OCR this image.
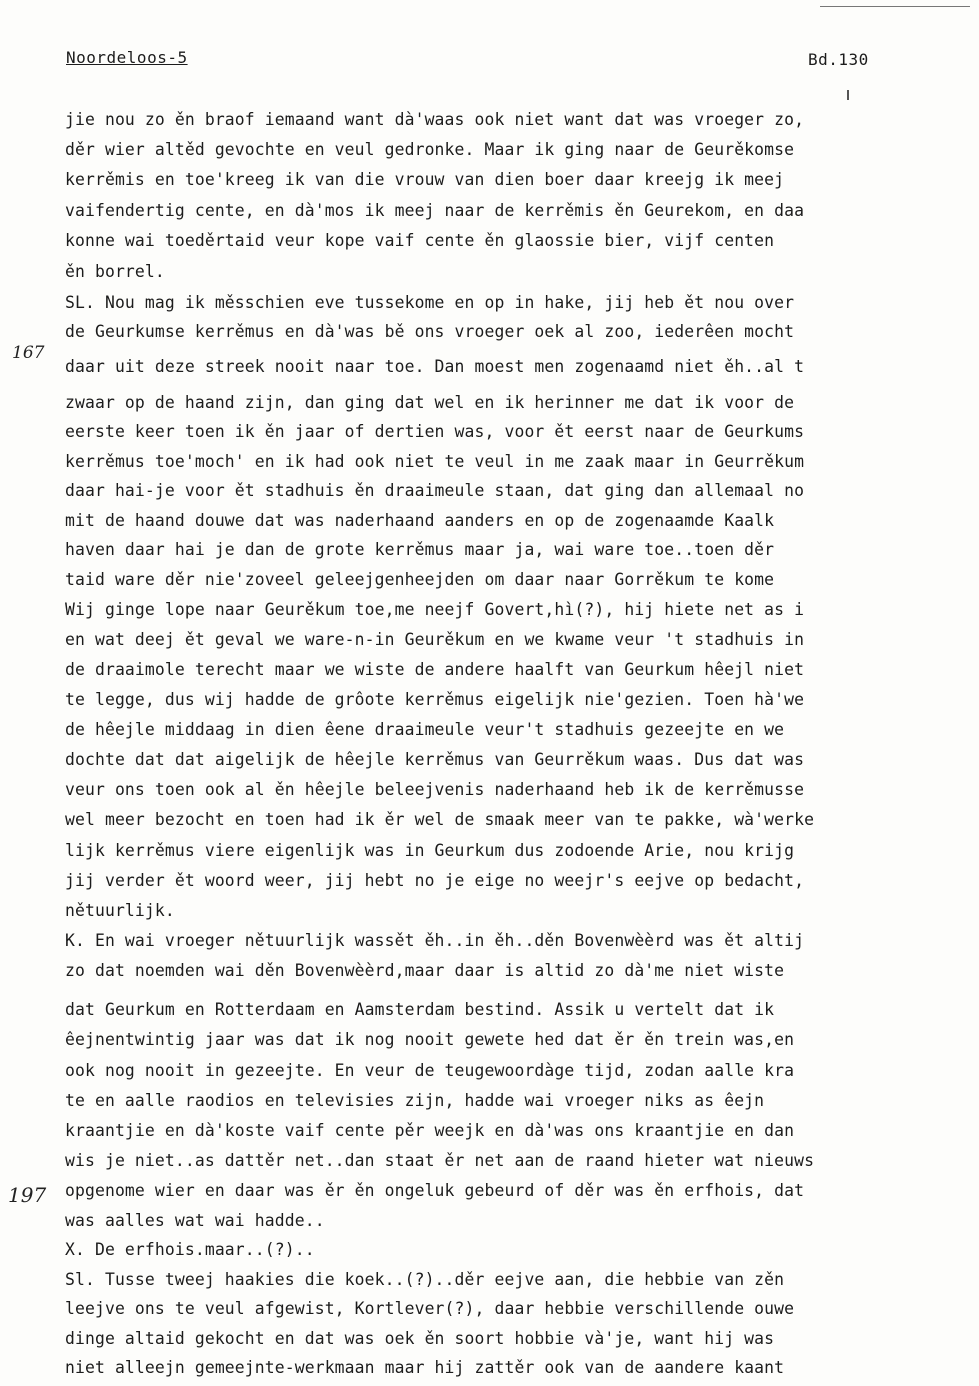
Noordeloos-5	Bd.130
167
197
jie nou zo ěn braof iemaand want dà'waas ook niet want dat was vroeger zo,
děr wier altěd gevochte en veul gedronke. Maar ik ging naar de Geurěkomse
kerrěmis en toe'kreeg ik van die vrouw van dien boer daar kreejg ik meej
vaifendertig cente, en dà'mos ik meej naar de kerrěmis ěn Geurekom, en daa
konne wai toeděrtaid veur kope vaif cente ěn glaossie bier, vijf centen
ěn borrel.
SL. Nou mag ik měsschien eve tussekome en op in hake, jij heb ět nou over
de Geurkumse kerrěmus en dà'was bě ons vroeger oek al zoo, iederêen mocht
daar uit deze streek nooit naar toe. Dan moest men zogenaamd niet ěh..al t
zwaar op de haand zijn, dan ging dat wel en ik herinner me dat ik voor de
eerste keer toen ik ěn jaar of dertien was, voor ět eerst naar de Geurkums
kerrěmus toe'moch' en ik had ook niet te veul in me zaak maar in Geurrěkum
daar hai-je voor ět stadhuis ěn draaimeule staan, dat ging dan allemaal no
mit de haand douwe dat was naderhaand aanders en op de zogenaamde Kaalk
haven daar hai je dan de grote kerrěmus maar ja, wai ware toe..toen děr
taid ware děr nie'zoveel geleejgenheejden om daar naar Gorrěkum te kome
Wij ginge lope naar Geurěkum toe,me neejf Govert,hì(?), hij hiete net as i
en wat deej ět geval we ware-n-in Geurěkum en we kwame veur 't stadhuis in
de draaimole terecht maar we wiste de andere haalft van Geurkum hêejl niet
te legge, dus wij hadde de grôote kerrěmus eigelijk nie'gezien. Toen hà'we
de hêejle middaag in dien êene draaimeule veur't stadhuis gezeejte en we
dochte dat dat aigelijk de hêejle kerrěmus van Geurrěkum waas. Dus dat was
veur ons toen ook al ěn hêejle beleejvenis naderhaand heb ik de kerrěmusse
wel meer bezocht en toen had ik ěr wel de smaak meer van te pakke, wà'werke
lijk kerrěmus viere eigenlijk was in Geurkum dus zodoende Arie, nou krijg
jij verder ět woord weer, jij hebt no je eige no weejr's eejve op bedacht,
nětuurlijk.
K. En wai vroeger nětuurlijk wassět ěh..in ěh..děn Bovenwèèrd was ět altij
zo dat noemden wai děn Bovenwèèrd,maar daar is altid zo dà'me niet wiste
dat Geurkum en Rotterdaam en Aamsterdam bestind. Assik u vertelt dat ik
êejnentwintig jaar was dat ik nog nooit gewete hed dat ěr ěn trein was,en
ook nog nooit in gezeejte. En veur de teugewoordàge tijd, zodan aalle kra
te en aalle raodios en televisies zijn, hadde wai vroeger niks as êejn
kraantjie en dà'koste vaif cente pěr weejk en dà'was ons kraantjie en dan
wis je niet..as dattěr net..dan staat ěr net aan de raand hieter wat nieuws
opgenome wier en daar was ěr ěn ongeluk gebeurd of děr was ěn erfhois, dat
was aalles wat wai hadde..
X. De erfhois.maar..(?)..
Sl. Tusse tweej haakies die koek..(?)..děr eejve aan, die hebbie van zěn
leejve ons te veul afgewist, Kortlever(?), daar hebbie verschillende ouwe
dinge altaid gekocht en dat was oek ěn soort hobbie và'je, want hij was
niet alleejn gemeejnte-werkmaan maar hij zattěr ook van de aandere kaant
